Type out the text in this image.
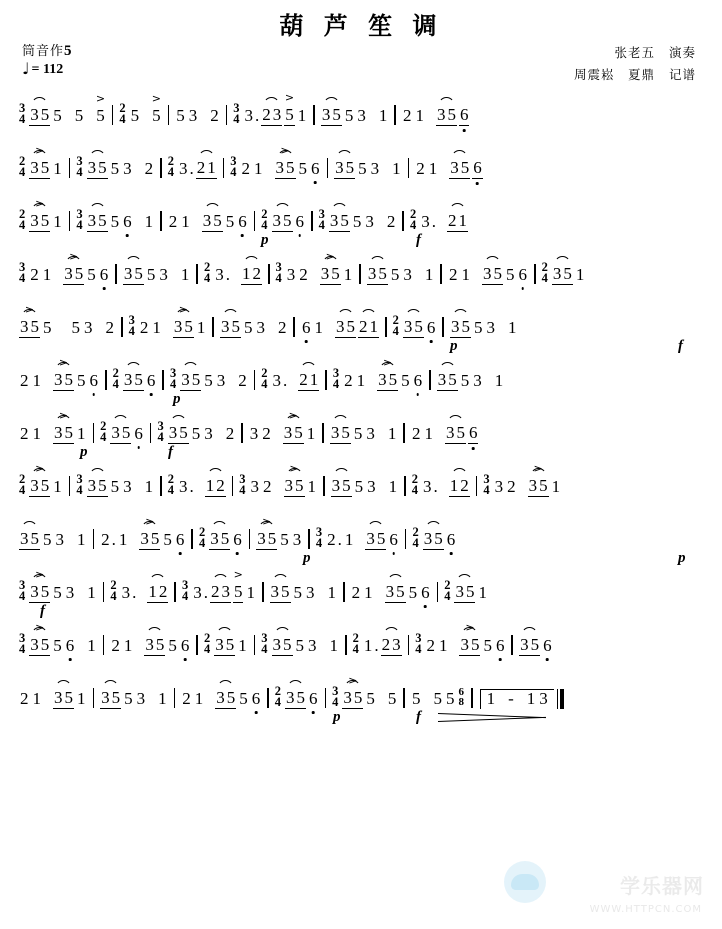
葫 芦 笙 调
筒音作5
♩ = 112
张老五 演奏
周震崧　夏鼎 记谱
3
4 3 5 5 5
>
5 2
4 5
>
5 5 3 2 3
4 3 . 2 3
>
5 1 3 5 5 3 1 2 1 3 5 6
2
4
>
3 5 1 3
4 3 5 5 3 2 2
4 3 . 2 1 3
4 2 1
>
3 5 5 6 3 5 5 3 1 2 1 3 5 6
2
4
>
3 5 1 3
4 3 5 5 6 1 2 1 3 5 5 6 2
4 3 5 6 3
4 3 5 5 3 2 2
4 3 . 2 1
p	f
3
4 2 1
>
3 5 5 6 3 5 5 3 1 2
4 3 . 1 2 3
4 3 2
>
3 5 1 3 5 5 3 1 2 1 3 5 5 6 2
4 3 5 1
>
3 5 5 5 3 2 3
4 2 1
>
3 5 1 3 5 5 3 2 6 1 3 5 2 1 2
4 3 5 6 3 5 5 3 1
p	f
2 1
>
3 5 5 6 2
4 3 5 6 3
4 3 5 5 3 2 2
4 3 . 2 1 3
4 2 1
>
3 5 5 6 3 5 5 3 1
p
2 1
>
3 5 1 2
4 3 5 6 3
4 3 5 5 3 2 3 2
>
3 5 1 3 5 5 3 1 2 1 3 5 6
p	f
2
4
>
3 5 1 3
4 3 5 5 3 1 2
4 3 . 1 2 3
4 3 2
>
3 5 1 3 5 5 3 1 2
4 3 . 1 2 3
4 3 2
>
3 5 1
3 5 5 3 1 2 . 1
>
3 5 5 6 2
4 3 5 6
>
3 5 5 3 3
4 2 . 1 3 5 6 2
4 3 5 6
p	p
3
4
>
3 5 5 3 1 2
4 3 . 1 2 3
4 3 . 2 3
>
5 1 3 5 5 3 1 2 1 3 5 5 6 2
4 3 5 1
f
3
4
>
3 5 5 6 1 2 1 3 5 5 6 2
4 3 5 1 3
4 3 5 5 3 1 2
4 1 . 2 3 3
4 2 1
>
3 5 5 6 3 5 6
2 1 3 5 1 3 5 5 3 1 2 1 3 5 5 6 2
4 3 5 6 3
4
>
3 5 5 5 5 5 5 6
8 1 - 1 3
p	f
学乐器网
WWW.HTTPCN.COM
